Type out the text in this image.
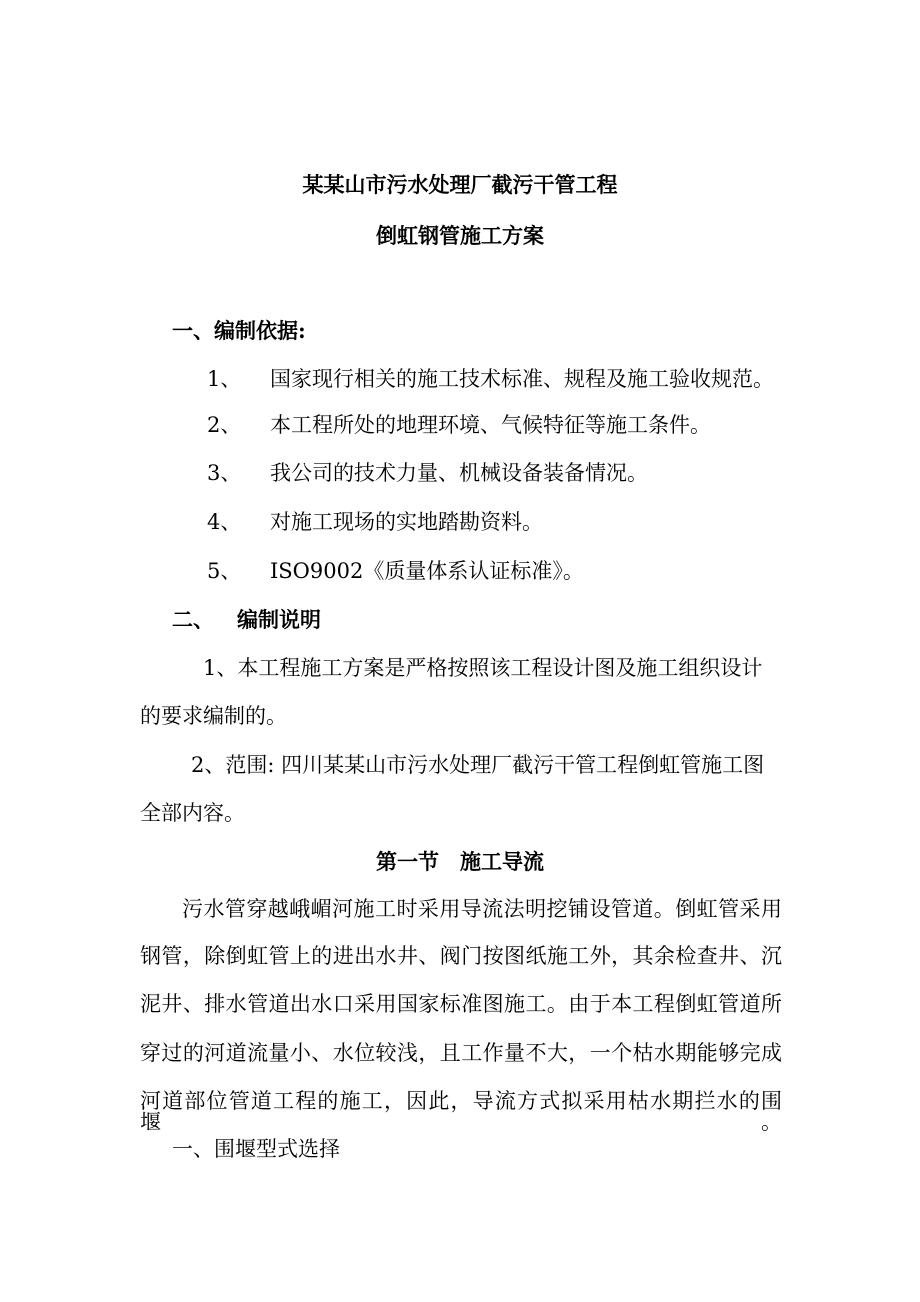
某某山市污水处理厂截污干管工程
倒虹钢管施工方案
一、编制依据:
1、 国家现行相关的施工技术标准、规程及施工验收规范。
2、 本工程所处的地理环境、气候特征等施工条件。
3、 我公司的技术力量、机械设备装备情况。
4、 对施工现场的实地踏勘资料。
5、 ISO9002《质量体系认证标准》。
二、 编制说明
1、本工程施工方案是严格按照该工程设计图及施工组织设计
的要求编制的。
2、范围: 四川某某山市污水处理厂截污干管工程倒虹管施工图
全部内容。
第一节　施工导流
污水管穿越峨嵋河施工时采用导流法明挖铺设管道。倒虹管采用
钢管，除倒虹管上的进出水井、阀门按图纸施工外，其余检查井、沉
泥井、排水管道出水口采用国家标准图施工。由于本工程倒虹管道所
穿过的河道流量小、水位较浅，且工作量不大，一个枯水期能够完成
河道部位管道工程的施工，因此，导流方式拟采用枯水期拦水的围堰。
一、围堰型式选择
